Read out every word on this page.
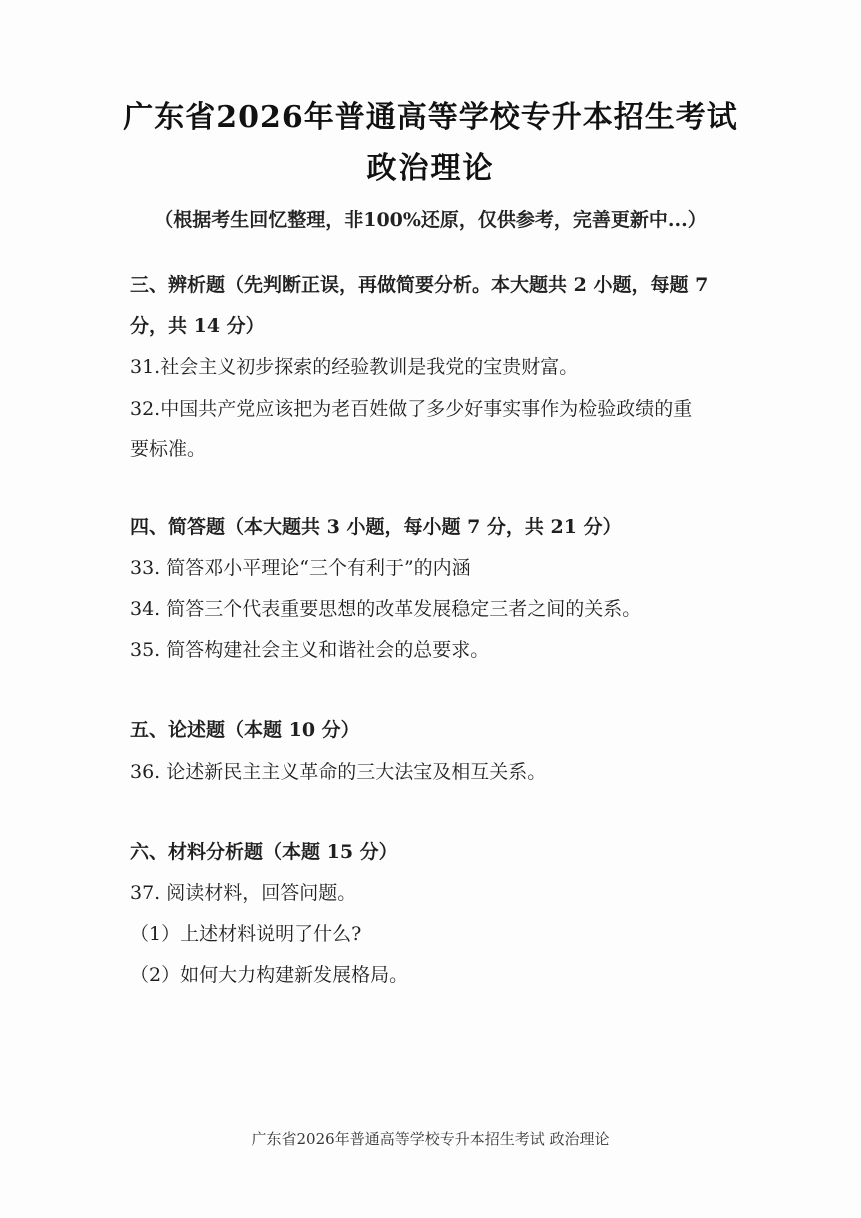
广东省2026年普通高等学校专升本招生考试
政治理论
（根据考生回忆整理，非100%还原，仅供参考，完善更新中...）
三、辨析题（先判断正误，再做简要分析。本大题共 2 小题，每题 7
分，共 14 分）
31.社会主义初步探索的经验教训是我党的宝贵财富。
32.中国共产党应该把为老百姓做了多少好事实事作为检验政绩的重
要标准。
四、简答题（本大题共 3 小题，每小题 7 分，共 21 分）
33. 简答邓小平理论“三个有利于”的内涵
34. 简答三个代表重要思想的改革发展稳定三者之间的关系。
35. 简答构建社会主义和谐社会的总要求。
五、论述题（本题 10 分）
36. 论述新民主主义革命的三大法宝及相互关系。
六、材料分析题（本题 15 分）
37. 阅读材料，回答问题。
（1）上述材料说明了什么?
（2）如何大力构建新发展格局。
广东省2026年普通高等学校专升本招生考试 政治理论
